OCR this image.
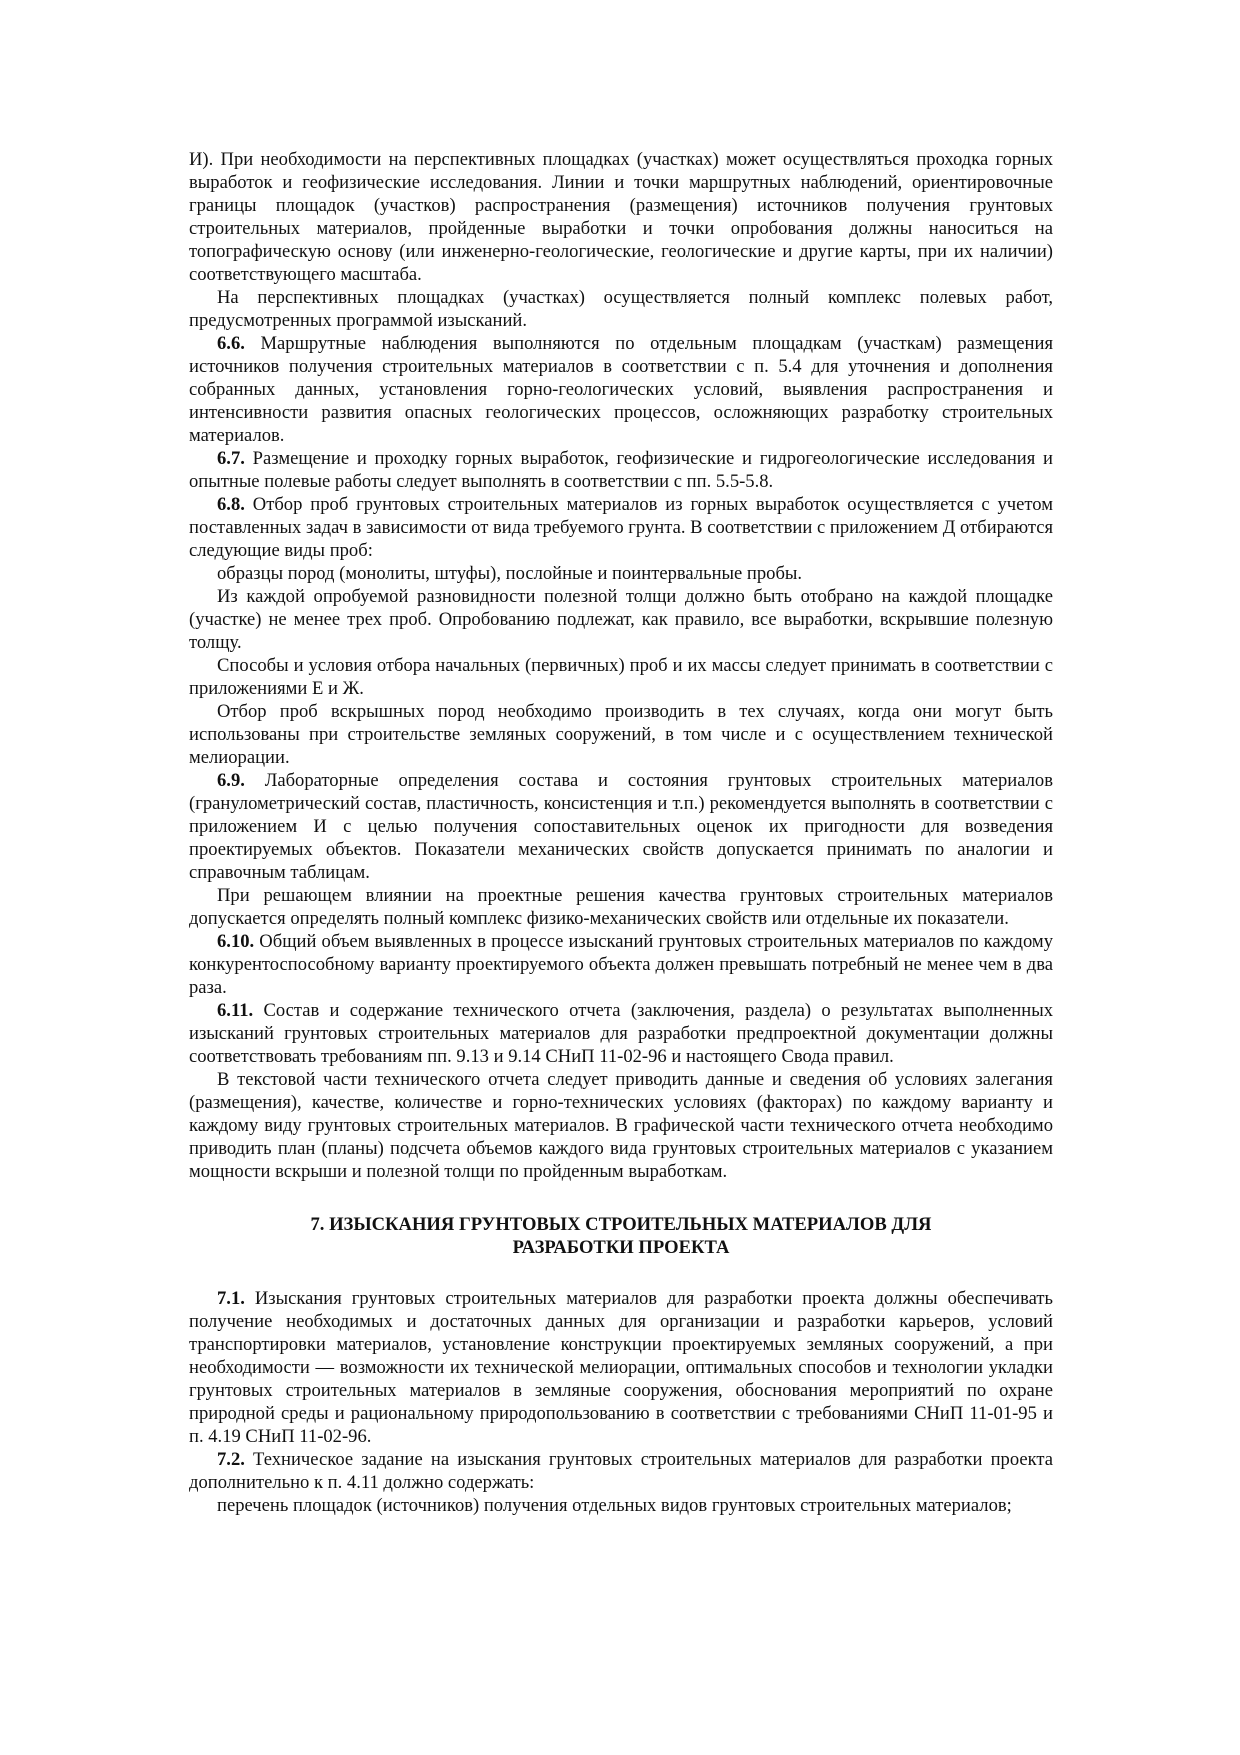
И). При необходимости на перспективных площадках (участках) может осуществляться проходка горных выработок и геофизические исследования. Линии и точки маршрутных наблюдений, ориентировочные границы площадок (участков) распространения (размещения) источников получения грунтовых строительных материалов, пройденные выработки и точки опробования должны наноситься на топографическую основу (или инженерно-геологические, геологические и другие карты, при их наличии) соответствующего масштаба.

На перспективных площадках (участках) осуществляется полный комплекс полевых работ, предусмотренных программой изысканий.

6.6. Маршрутные наблюдения выполняются по отдельным площадкам (участкам) размещения источников получения строительных материалов в соответствии с п. 5.4 для уточнения и дополнения собранных данных, установления горно-геологических условий, выявления распространения и интенсивности развития опасных геологических процессов, осложняющих разработку строительных материалов.

6.7. Размещение и проходку горных выработок, геофизические и гидрогеологические исследования и опытные полевые работы следует выполнять в соответствии с пп. 5.5-5.8.

6.8. Отбор проб грунтовых строительных материалов из горных выработок осуществляется с учетом поставленных задач в зависимости от вида требуемого грунта. В соответствии с приложением Д отбираются следующие виды проб:

образцы пород (монолиты, штуфы), послойные и поинтервальные пробы.

Из каждой опробуемой разновидности полезной толщи должно быть отобрано на каждой площадке (участке) не менее трех проб. Опробованию подлежат, как правило, все выработки, вскрывшие полезную толщу.

Способы и условия отбора начальных (первичных) проб и их массы следует принимать в соответствии с приложениями Е и Ж.

Отбор проб вскрышных пород необходимо производить в тех случаях, когда они могут быть использованы при строительстве земляных сооружений, в том числе и с осуществлением технической мелиорации.

6.9. Лабораторные определения состава и состояния грунтовых строительных материалов (гранулометрический состав, пластичность, консистенция и т.п.) рекомендуется выполнять в соответствии с приложением И с целью получения сопоставительных оценок их пригодности для возведения проектируемых объектов. Показатели механических свойств допускается принимать по аналогии и справочным таблицам.

При решающем влиянии на проектные решения качества грунтовых строительных материалов допускается определять полный комплекс физико-механических свойств или отдельные их показатели.

6.10. Общий объем выявленных в процессе изысканий грунтовых строительных материалов по каждому конкурентоспособному варианту проектируемого объекта должен превышать потребный не менее чем в два раза.

6.11. Состав и содержание технического отчета (заключения, раздела) о результатах выполненных изысканий грунтовых строительных материалов для разработки предпроектной документации должны соответствовать требованиям пп. 9.13 и 9.14 СНиП 11-02-96 и настоящего Свода правил.

В текстовой части технического отчета следует приводить данные и сведения об условиях залегания (размещения), качестве, количестве и горно-технических условиях (факторах) по каждому варианту и каждому виду грунтовых строительных материалов. В графической части технического отчета необходимо приводить план (планы) подсчета объемов каждого вида грунтовых строительных материалов с указанием мощности вскрыши и полезной толщи по пройденным выработкам.

7. ИЗЫСКАНИЯ ГРУНТОВЫХ СТРОИТЕЛЬНЫХ МАТЕРИАЛОВ ДЛЯ
РАЗРАБОТКИ ПРОЕКТА

7.1. Изыскания грунтовых строительных материалов для разработки проекта должны обеспечивать получение необходимых и достаточных данных для организации и разработки карьеров, условий транспортировки материалов, установление конструкции проектируемых земляных сооружений, а при необходимости — возможности их технической мелиорации, оптимальных способов и технологии укладки грунтовых строительных материалов в земляные сооружения, обоснования мероприятий по охране природной среды и рациональному природопользованию в соответствии с требованиями СНиП 11-01-95 и п. 4.19 СНиП 11-02-96.

7.2. Техническое задание на изыскания грунтовых строительных материалов для разработки проекта дополнительно к п. 4.11 должно содержать:

перечень площадок (источников) получения отдельных видов грунтовых строительных материалов;
